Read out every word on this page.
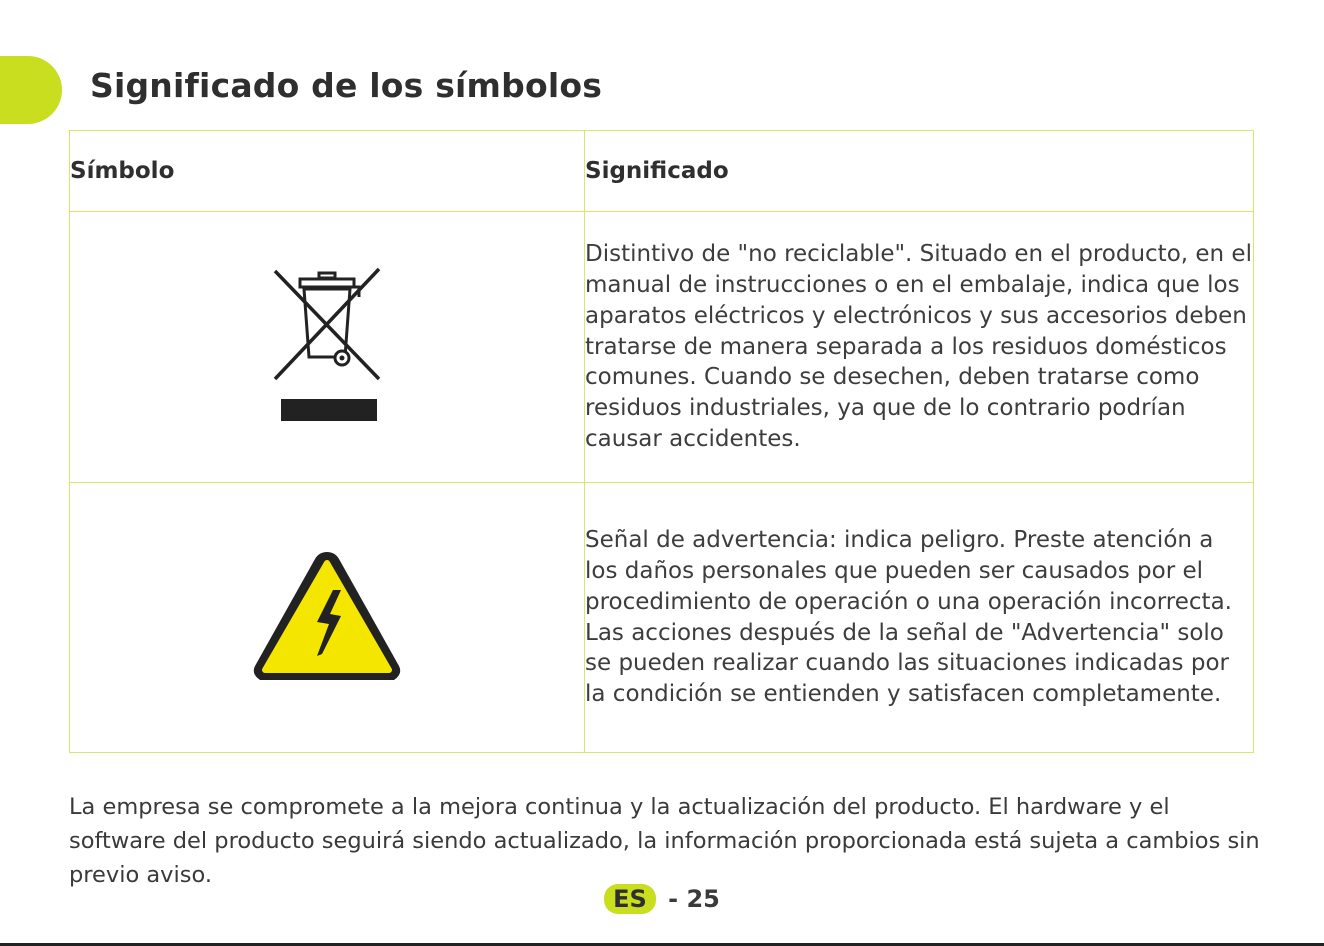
Significado de los símbolos
Símbolo	Significado
	Distintivo de "no reciclable". Situado en el producto, en el manual de instrucciones o en el embalaje, indica que los aparatos eléctricos y electrónicos y sus accesorios deben tratarse de manera separada a los residuos domésticos comunes. Cuando se desechen, deben tratarse como residuos industriales, ya que de lo contrario podrían causar accidentes.
	Señal de advertencia: indica peligro. Preste atención a los daños personales que pueden ser causados por el procedimiento de operación o una operación incorrecta. Las acciones después de la señal de "Advertencia" solo se pueden realizar cuando las situaciones indicadas por la condición se entienden y satisfacen completamente.

La empresa se compromete a la mejora continua y la actualización del producto. El hardware y el software del producto seguirá siendo actualizado, la información proporcionada está sujeta a cambios sin previo aviso.

ES - 25
